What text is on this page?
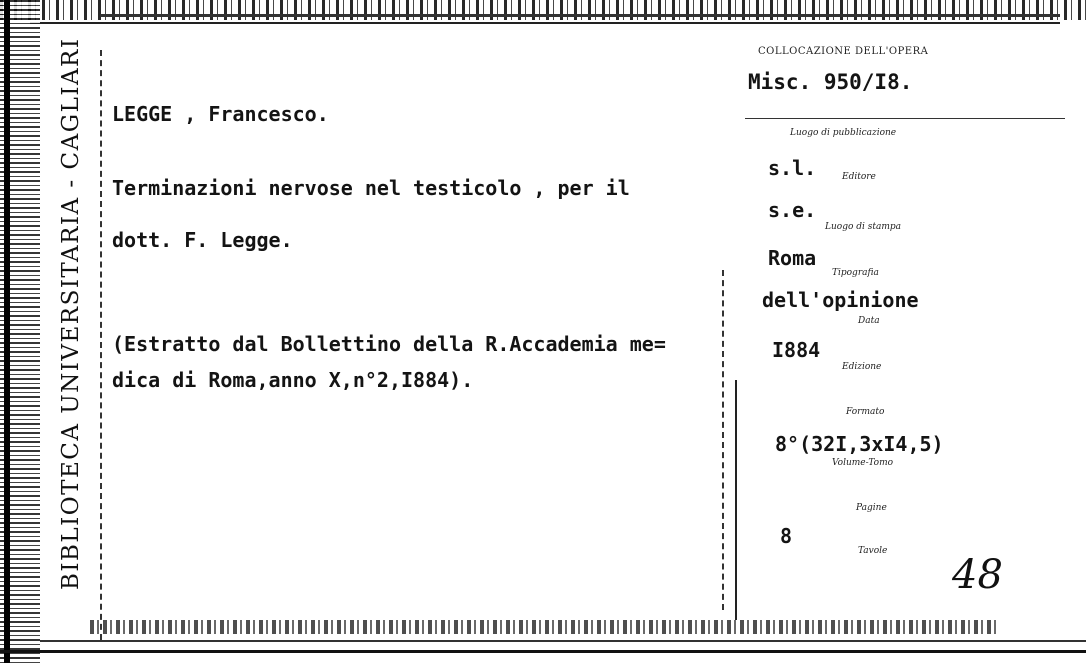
BIBLIOTECA UNIVERSITARIA - CAGLIARI	COLLOCAZIONE DELL'OPERA
Misc. 950/I8.
LEGGE , Francesco.
Terminazioni nervose nel testicolo , per il
dott. F. Legge.
(Estratto dal Bollettino della R.Accademia me=
dica di Roma,anno X,n°2,I884).
Luogo di pubblicazione
s.l.	Editore
s.e.
Luogo di stampa
Roma
Tipografia
dell'opinione
Data
I884
Edizione
Formato
8°(32I,3xI4,5)
Volume-Tomo
Pagine
8
Tavole
48
